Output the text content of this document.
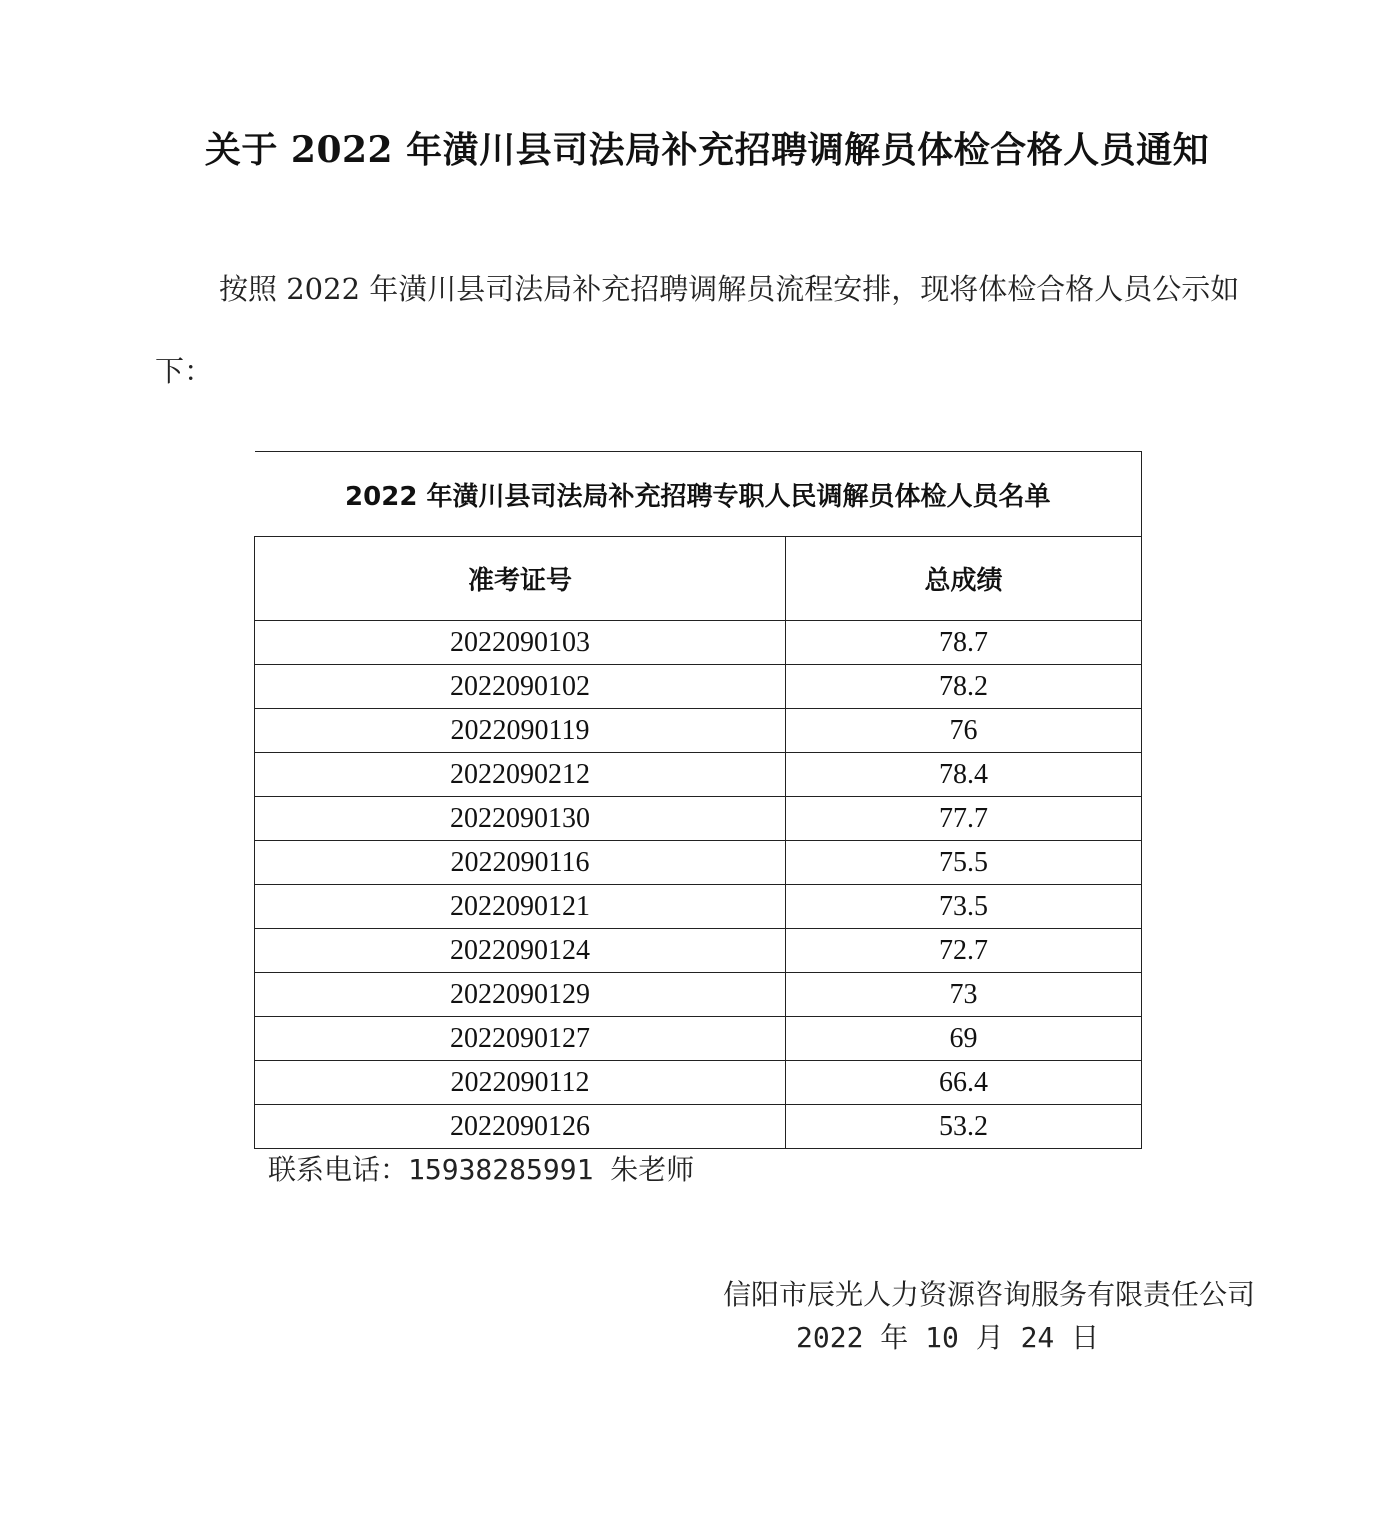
关于 2022 年潢川县司法局补充招聘调解员体检合格人员通知

按照 2022 年潢川县司法局补充招聘调解员流程安排，现将体检合格人员公示如下：

2022 年潢川县司法局补充招聘专职人民调解员体检人员名单	
准考证号	总成绩
2022090103	78.7
2022090102	78.2
2022090119	76
2022090212	78.4
2022090130	77.7
2022090116	75.5
2022090121	73.5
2022090124	72.7
2022090129	73
2022090127	69
2022090112	66.4
2022090126	53.2

联系电话：15938285991 朱老师

信阳市辰光人力资源咨询服务有限责任公司

2022 年 10 月 24 日
